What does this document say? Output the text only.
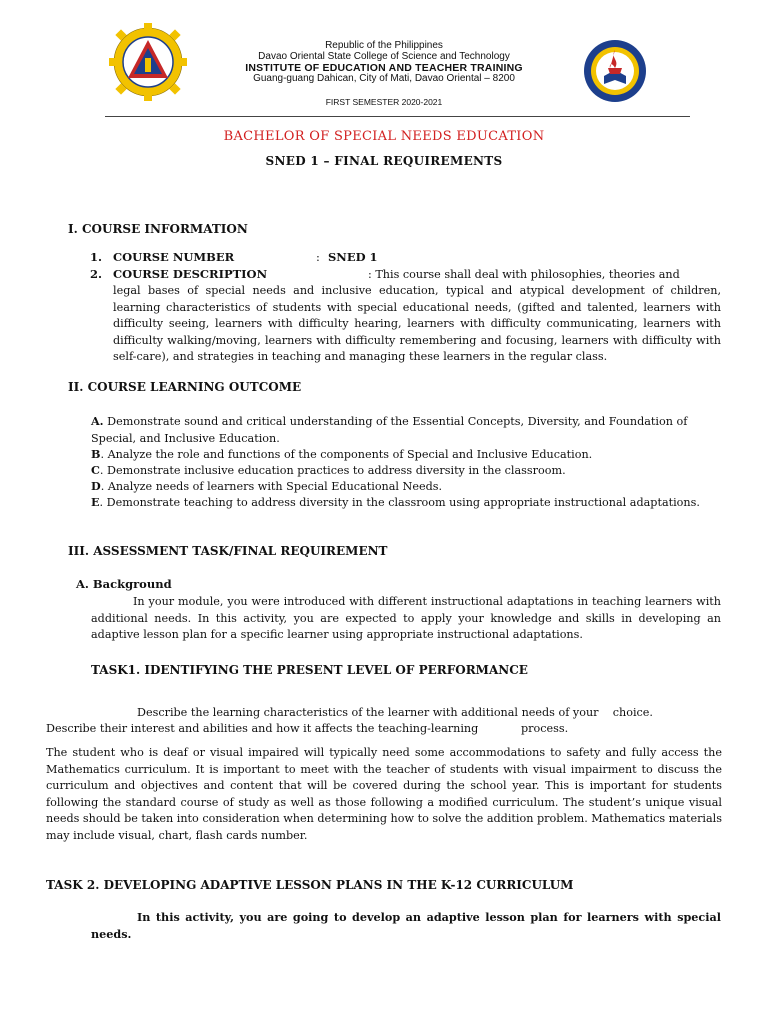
Republic of the Philippines
Davao Oriental State College of Science and Technology
INSTITUTE OF EDUCATION AND TEACHER TRAINING
Guang-guang Dahican, City of Mati, Davao Oriental – 8200
FIRST SEMESTER 2020-2021
BACHELOR OF SPECIAL NEEDS EDUCATION
SNED 1 – FINAL REQUIREMENTS
I. COURSE INFORMATION
1. COURSE NUMBER	: SNED 1
2. COURSE DESCRIPTION	: This course shall deal with philosophies, theories and
legal bases of special needs and inclusive education, typical and atypical development of children, learning characteristics of students with special educational needs, (gifted and talented, learners with difficulty seeing, learners with difficulty hearing, learners with difficulty communicating, learners with difficulty walking/moving, learners with difficulty remembering and focusing, learners with difficulty with self-care), and strategies in teaching and managing these learners in the regular class.
II. COURSE LEARNING OUTCOME
A. Demonstrate sound and critical understanding of the Essential Concepts, Diversity, and Foundation of Special, and Inclusive Education.
B. Analyze the role and functions of the components of Special and Inclusive Education.
C. Demonstrate inclusive education practices to address diversity in the classroom.
D. Analyze needs of learners with Special Educational Needs.
E. Demonstrate teaching to address diversity in the classroom using appropriate instructional adaptations.
III. ASSESSMENT TASK/FINAL REQUIREMENT
A. Background
In your module, you were introduced with different instructional adaptations in teaching learners with additional needs. In this activity, you are expected to apply your knowledge and skills in developing an adaptive lesson plan for a specific learner using appropriate instructional adaptations.
TASK1. IDENTIFYING THE PRESENT LEVEL OF PERFORMANCE
Describe the learning characteristics of the learner with additional needs of your    choice.
Describe their interest and abilities and how it affects the teaching-learning            process.
The student who is deaf or visual impaired will typically need some accommodations to safety and fully access the Mathematics curriculum. It is important to meet with the teacher of students with visual impairment to discuss the curriculum and objectives and content that will be covered during the school year. This is important for students following the standard course of study as well as those following a modified curriculum. The student’s unique visual needs should be taken into consideration when determining how to solve the addition problem. Mathematics materials may include visual, chart, flash cards number.
TASK 2. DEVELOPING ADAPTIVE LESSON PLANS IN THE K-12 CURRICULUM
In this activity, you are going to develop an adaptive lesson plan for learners with special needs.
